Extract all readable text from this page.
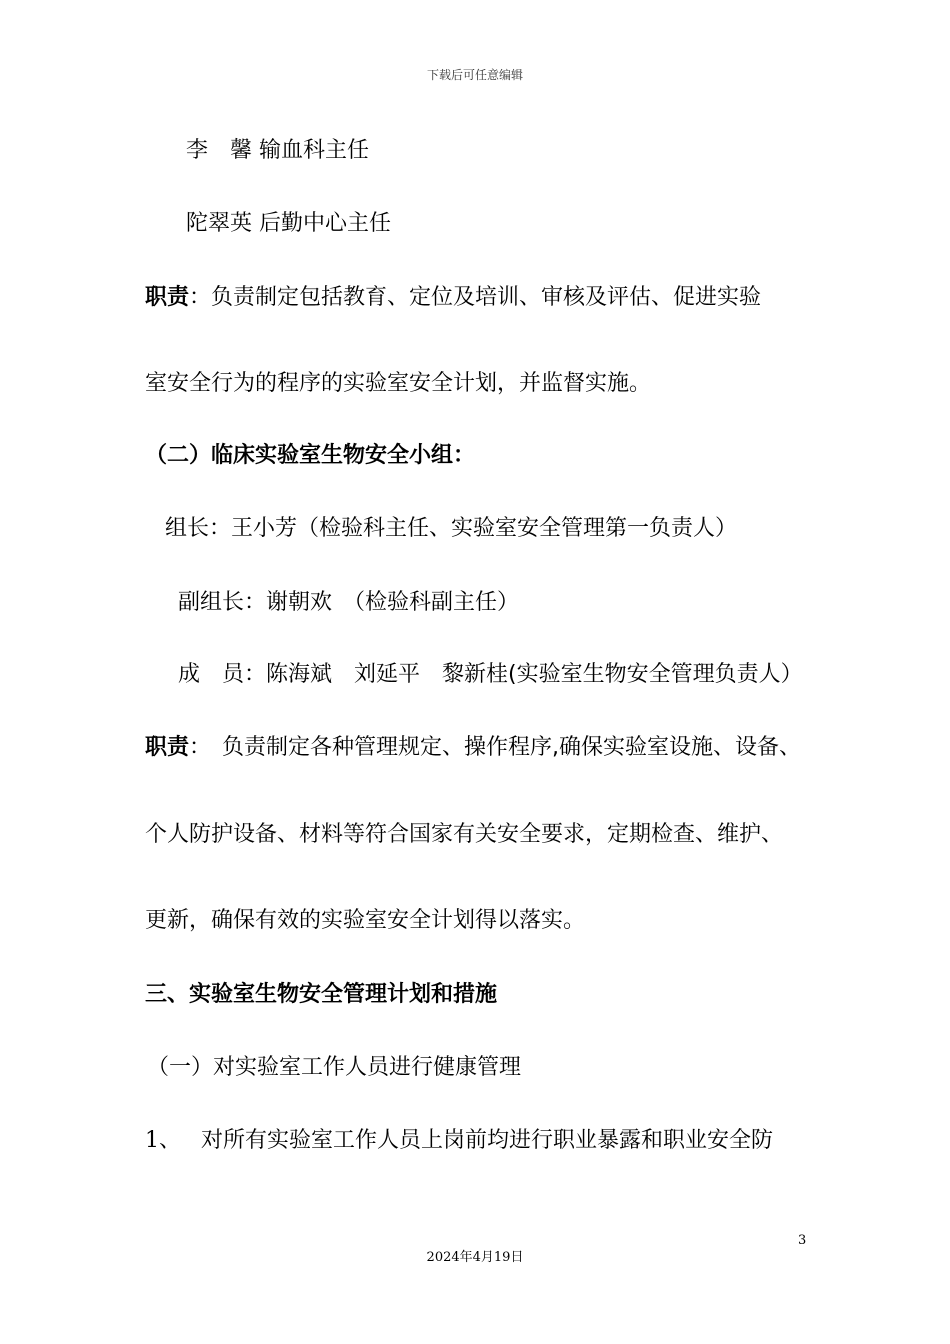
下载后可任意编辑
李　馨 输血科主任
陀翠英 后勤中心主任
职责：负责制定包括教育、定位及培训、审核及评估、促进实验
室安全行为的程序的实验室安全计划，并监督实施。
（二）临床实验室生物安全小组：
组长：王小芳（检验科主任、实验室安全管理第一负责人）
副组长：谢朝欢　（检验科副主任）
成　员：陈海斌　刘延平　黎新桂(实验室生物安全管理负责人）
职责：　负责制定各种管理规定、操作程序,确保实验室设施、设备、
个人防护设备、材料等符合国家有关安全要求，定期检查、维护、
更新，确保有效的实验室安全计划得以落实。
三、实验室生物安全管理计划和措施
（一）对实验室工作人员进行健康管理
1、 对所有实验室工作人员上岗前均进行职业暴露和职业安全防
3
2024年4月19日
